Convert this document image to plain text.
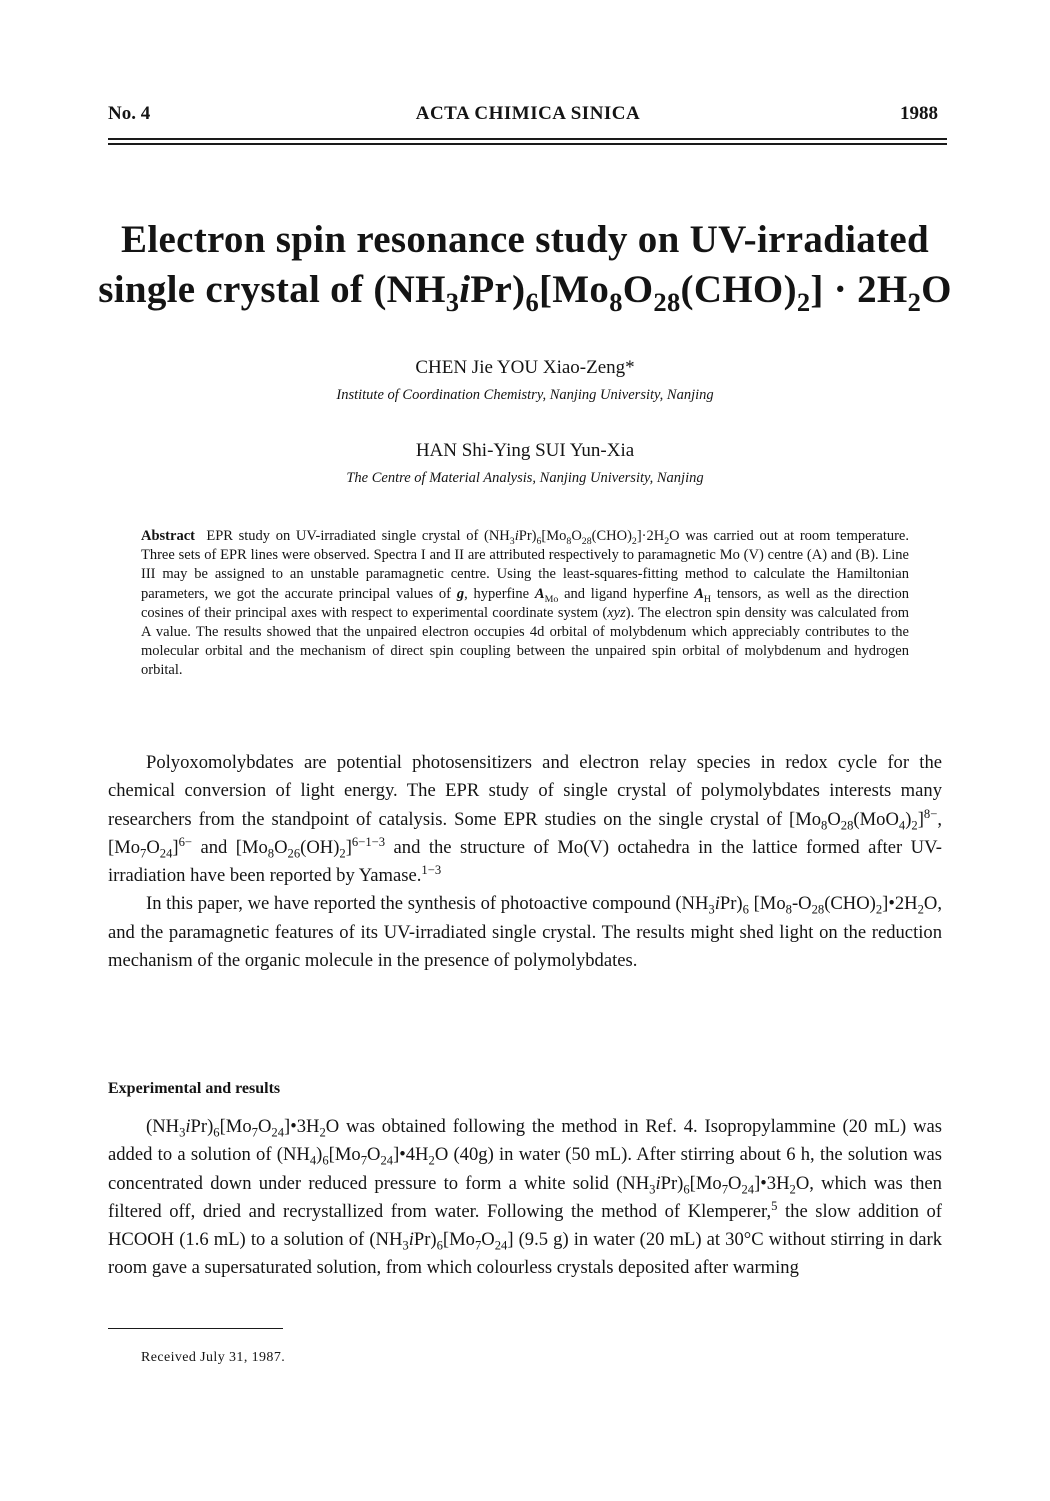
No. 4	ACTA CHIMICA SINICA	1988
Electron spin resonance study on UV-irradiated
single crystal of $(NH_3iPr)_6[Mo_8O_{28}(CHO)_2] \cdot 2H_2O$
CHEN Jie YOU Xiao-Zeng*
Institute of Coordination Chemistry, Nanjing University, Nanjing
HAN Shi-Ying SUI Yun-Xia
The Centre of Material Analysis, Nanjing University, Nanjing
Abstract EPR study on UV-irradiated single crystal of $(NH_3iPr)_6[Mo_8O_{28}(CHO)_2]\cdot 2H_2O$ was carried out at room temperature. Three sets of EPR lines were observed. Spectra I and II are attributed respectively to paramagnetic Mo (V) centre (A) and (B). Line III may be assigned to an unstable paramagnetic centre. Using the least-squares-fitting method to calculate the Hamiltonian parameters, we got the accurate principal values of g, hyperfine $A_{Mo}$ and ligand hyperfine $A_H$ tensors, as well as the direction cosines of their principal axes with respect to experimental coordinate system (xyz). The electron spin density was calculated from A value. The results showed that the unpaired electron occupies 4d orbital of molybdenum which appreciably contributes to the molecular orbital and the mechanism of direct spin coupling between the unpaired spin orbital of molybdenum and hydrogen orbital.

Polyoxomolybdates are potential photosensitizers and electron relay species in redox cycle for the chemical conversion of light energy. The EPR study of single crystal of polymolybdates interests many researchers from the standpoint of catalysis. Some EPR studies on the single crystal of $[Mo_8O_{28}(MoO_4)_2]^{8-}$, $[Mo_7O_{24}]^{6-}$ and $[Mo_8O_{26}(OH)_2]^{6-1-3}$ and the structure of Mo(V) octahedra in the lattice formed after UV-irradiation have been reported by Yamase.$^{1-3}$

In this paper, we have reported the synthesis of photoactive compound $(NH_3iPr)_6$ $[Mo_8-O_{28}(CHO)_2]•2H_2O$, and the paramagnetic features of its UV-irradiated single crystal. The results might shed light on the reduction mechanism of the organic molecule in the presence of polymolybdates.

Experimental and results

$(NH_3iPr)_6[Mo_7O_{24}]•3H_2O$ was obtained following the method in Ref. 4. Isopropylammine (20 mL) was added to a solution of $(NH_4)_6[Mo_7O_{24}]•4H_2O$ (40g) in water (50 mL). After stirring about 6 h, the solution was concentrated down under reduced pressure to form a white solid $(NH_3iPr)_6[Mo_7O_{24}]•3H_2O$, which was then filtered off, dried and recrystallized from water. Following the method of Klemperer,$^5$ the slow addition of HCOOH (1.6 mL) to a solution of $(NH_3iPr)_6[Mo_7O_{24}]$ (9.5 g) in water (20 mL) at 30°C without stirring in dark room gave a supersaturated solution, from which colourless crystals deposited after warming

Received July 31, 1987.
